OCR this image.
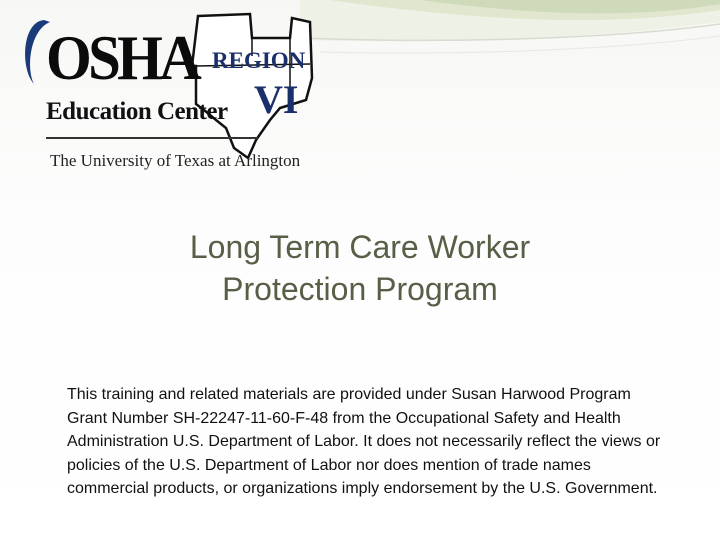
OSHA
Education Center
The University of Texas at Arlington
REGION
VI
Long Term Care Worker
Protection Program
This training and related materials are provided under Susan Harwood Program Grant Number SH-22247-11-60-F-48 from the Occupational Safety and Health Administration U.S. Department of Labor. It does not necessarily reflect the views or policies of the U.S. Department of Labor nor does mention of trade names commercial products, or organizations imply endorsement by the U.S. Government.
